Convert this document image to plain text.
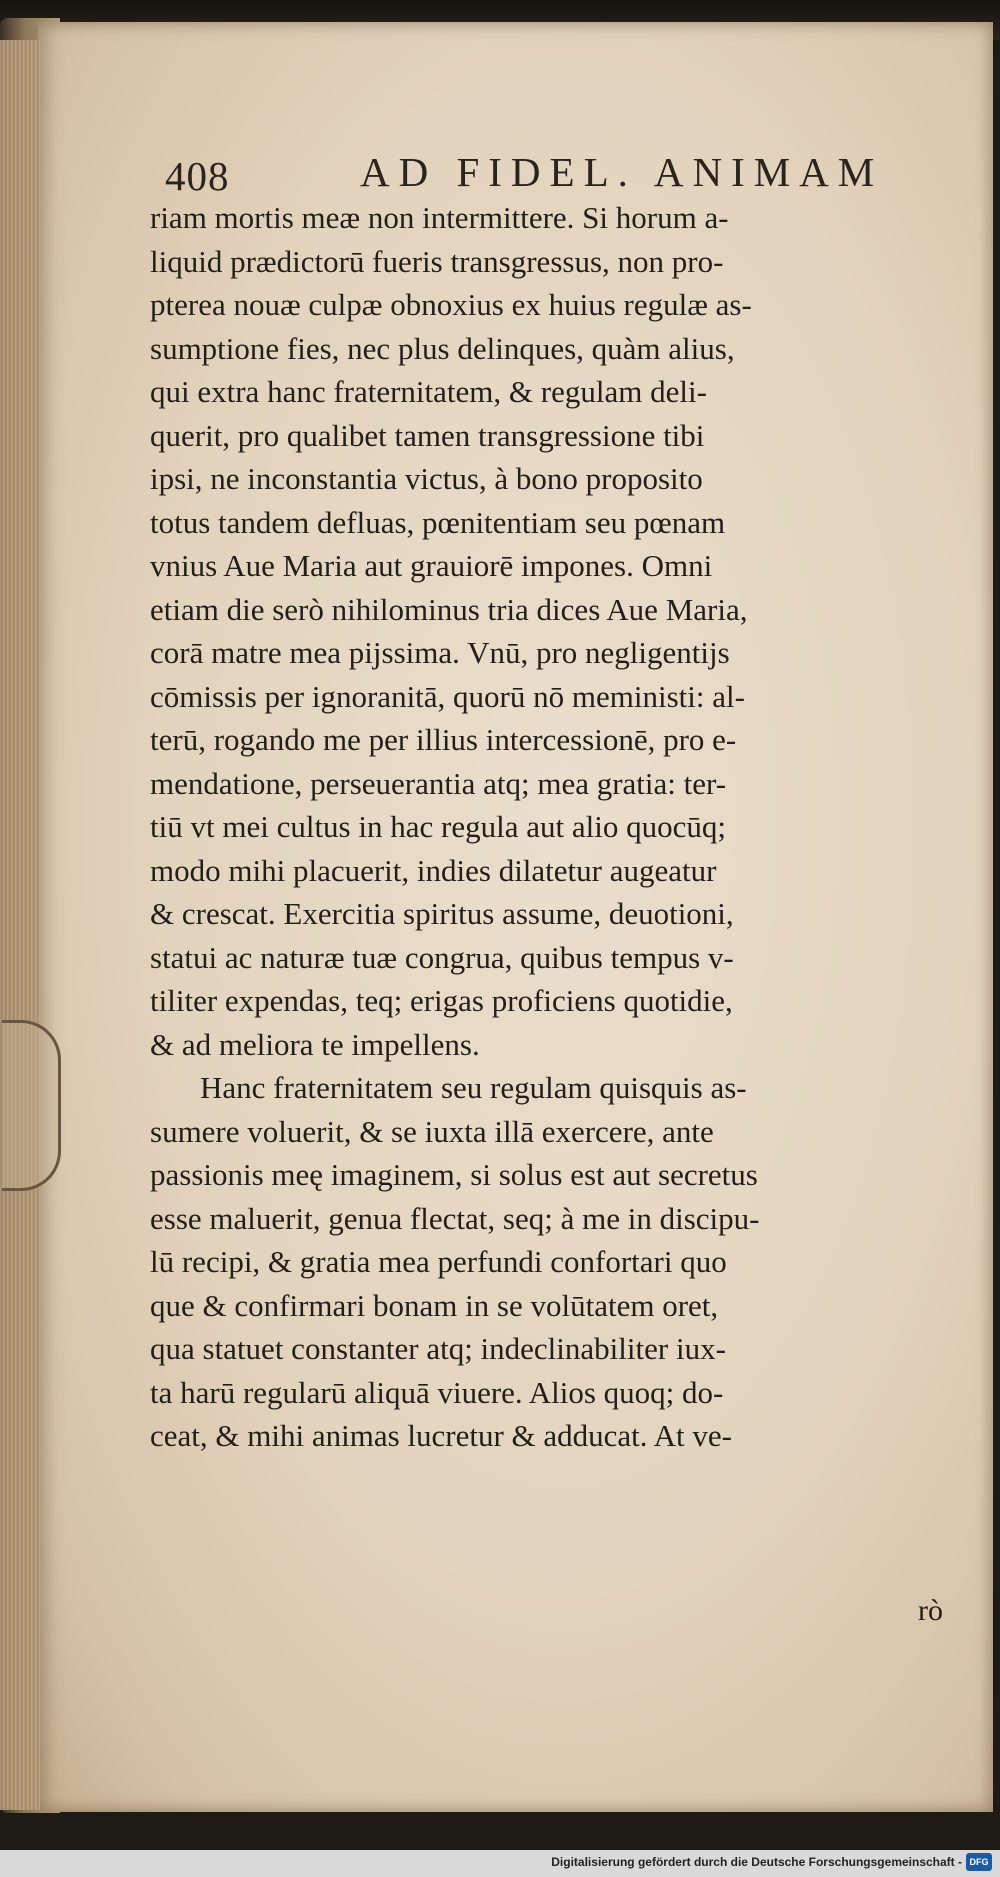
408	AD FIDEL. ANIMAM
riam mortis meæ non intermittere. Si horum a-
liquid prædictorū fueris transgressus, non pro-
pterea nouæ culpæ obnoxius ex huius regulæ as-
sumptione fies, nec plus delinques, quàm alius,
qui extra hanc fraternitatem, & regulam deli-
querit, pro qualibet tamen transgressione tibi
ipsi, ne inconstantia victus, à bono proposito
totus tandem defluas, pœnitentiam seu pœnam
vnius Aue Maria aut grauiorē impones. Omni
etiam die serò nihilominus tria dices Aue Maria,
corā matre mea pijssima. Vnū, pro negligentijs
cōmissis per ignoranitā, quorū nō meministi: al-
terū, rogando me per illius intercessionē, pro e-
mendatione, perseuerantia atq; mea gratia: ter-
tiū vt mei cultus in hac regula aut alio quocūq;
modo mihi placuerit, indies dilatetur augeatur
& crescat. Exercitia spiritus assume, deuotioni,
statui ac naturæ tuæ congrua, quibus tempus v-
tiliter expendas, teq; erigas proficiens quotidie,
& ad meliora te impellens.
Hanc fraternitatem seu regulam quisquis as-
sumere voluerit, & se iuxta illā exercere, ante
passionis meę imaginem, si solus est aut secretus
esse maluerit, genua flectat, seq; à me in discipu-
lū recipi, & gratia mea perfundi confortari quo
que & confirmari bonam in se volūtatem oret,
qua statuet constanter atq; indeclinabiliter iux-
ta harū regularū aliquā viuere. Alios quoq; do-
ceat, & mihi animas lucretur & adducat. At ve-
rò
Digitalisierung gefördert durch die Deutsche Forschungsgemeinschaft - DFG
